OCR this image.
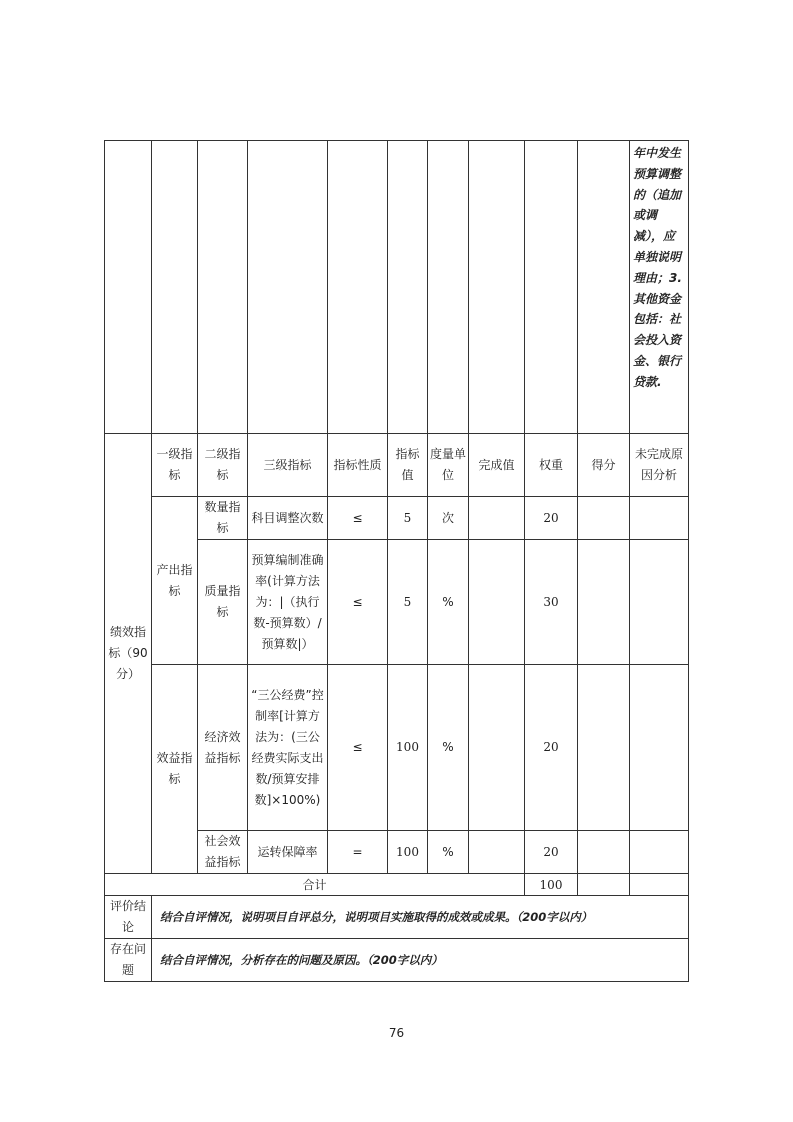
										年中发生预算调整的（追加或调减），应单独说明理由；3.其他资金包括：社会投入资金、银行贷款.
绩效指标（90分）	一级指标	二级指标	三级指标	指标性质	指标值	度量单位	完成值	权重	得分	未完成原因分析
	产出指标	数量指标	科目调整次数	≤	5	次		20		
		质量指标	预算编制准确率(计算方法为：|（执行数-预算数）/预算数|）	≤	5	%		30		
	效益指标	经济效益指标	“三公经费”控制率[计算方法为：(三公经费实际支出数/预算安排数]×100%)	≤	100	%		20		
		社会效益指标	运转保障率	=	100	%		20		
合计								100		
评价结论	结合自评情况，说明项目自评总分，说明项目实施取得的成效或成果。（200字以内）									
存在问题	结合自评情况，分析存在的问题及原因。（200字以内）									
76
